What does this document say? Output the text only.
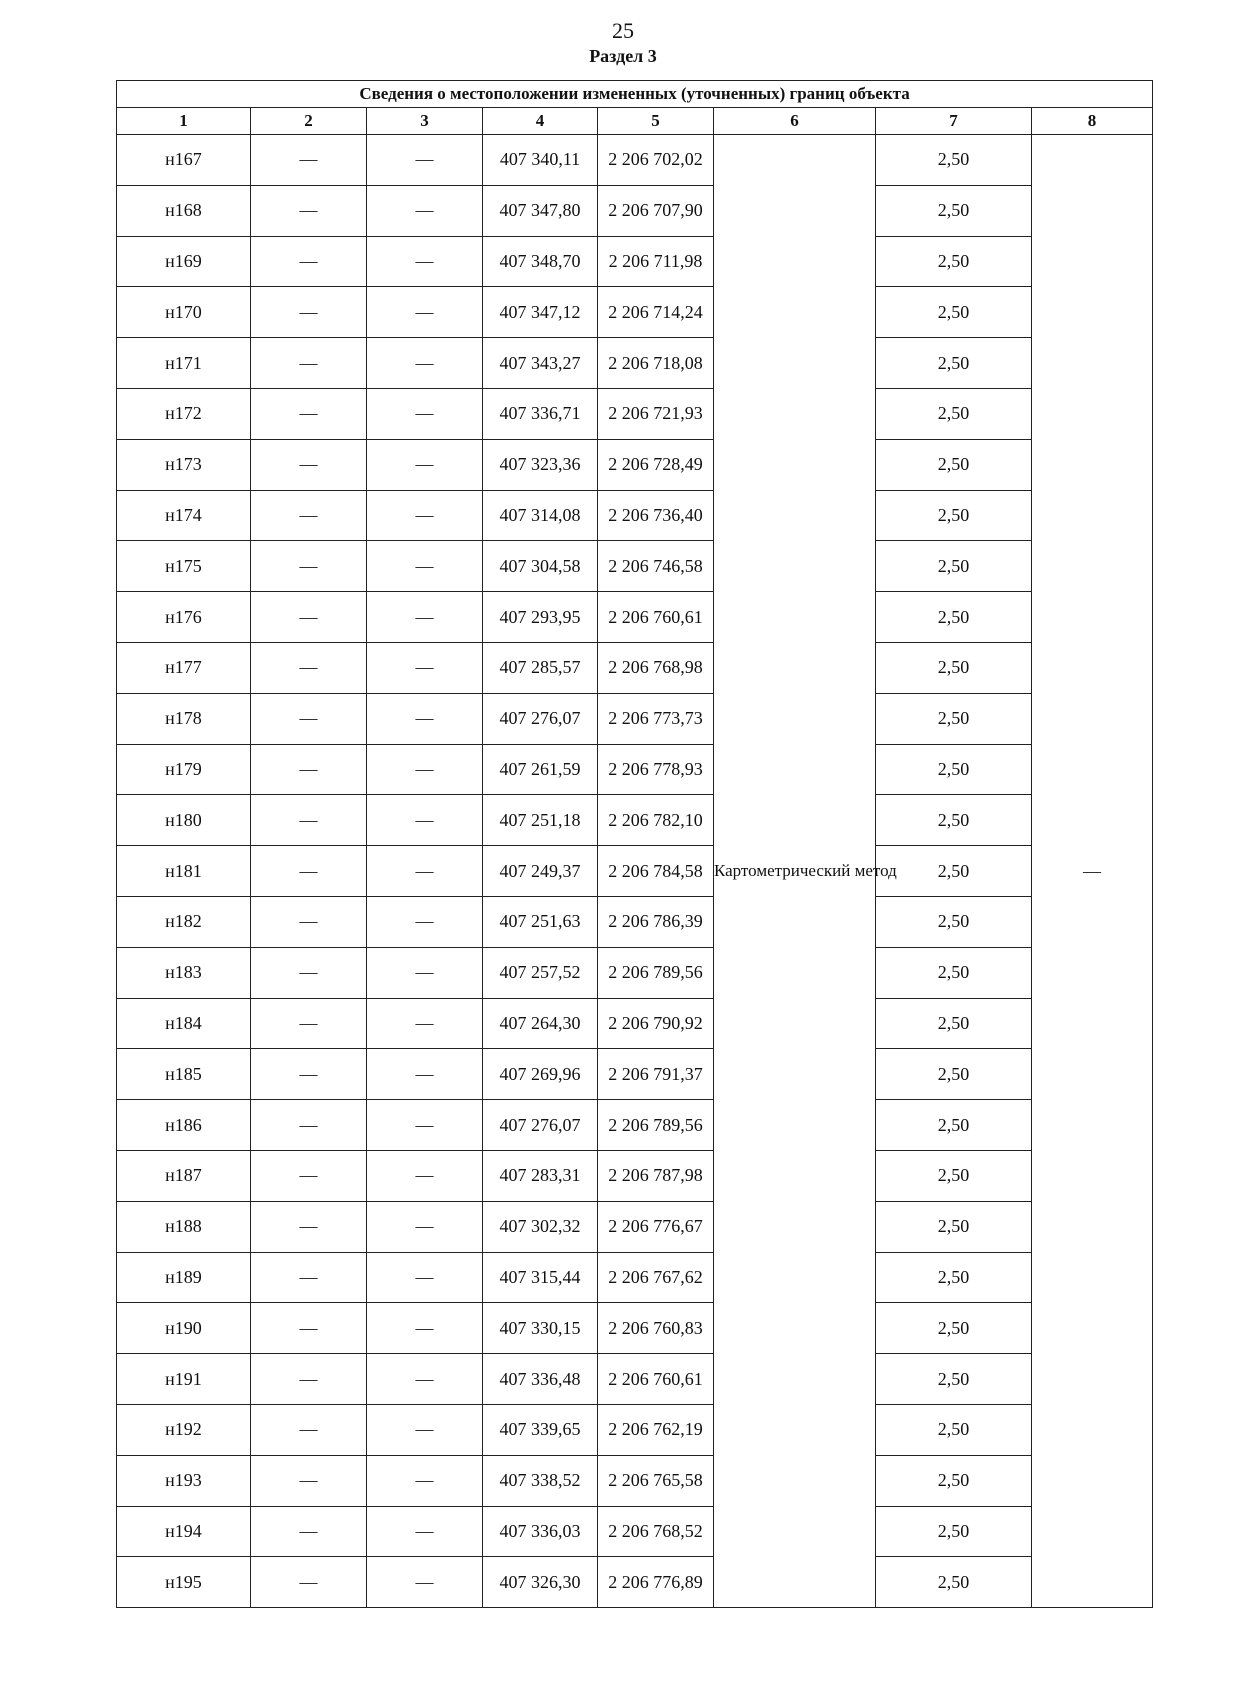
25
Раздел 3
Сведения о местоположении измененных (уточненных) границ объекта							
1	2	3	4	5	6	7	8
н167	—	—	407 340,11	2 206 702,02	Картометрический метод	2,50	—
н168	—	—	407 347,80	2 206 707,90		2,50	
н169	—	—	407 348,70	2 206 711,98		2,50	
н170	—	—	407 347,12	2 206 714,24		2,50	
н171	—	—	407 343,27	2 206 718,08		2,50	
н172	—	—	407 336,71	2 206 721,93		2,50	
н173	—	—	407 323,36	2 206 728,49		2,50	
н174	—	—	407 314,08	2 206 736,40		2,50	
н175	—	—	407 304,58	2 206 746,58		2,50	
н176	—	—	407 293,95	2 206 760,61		2,50	
н177	—	—	407 285,57	2 206 768,98		2,50	
н178	—	—	407 276,07	2 206 773,73		2,50	
н179	—	—	407 261,59	2 206 778,93		2,50	
н180	—	—	407 251,18	2 206 782,10		2,50	
н181	—	—	407 249,37	2 206 784,58		2,50	
н182	—	—	407 251,63	2 206 786,39		2,50	
н183	—	—	407 257,52	2 206 789,56		2,50	
н184	—	—	407 264,30	2 206 790,92		2,50	
н185	—	—	407 269,96	2 206 791,37		2,50	
н186	—	—	407 276,07	2 206 789,56		2,50	
н187	—	—	407 283,31	2 206 787,98		2,50	
н188	—	—	407 302,32	2 206 776,67		2,50	
н189	—	—	407 315,44	2 206 767,62		2,50	
н190	—	—	407 330,15	2 206 760,83		2,50	
н191	—	—	407 336,48	2 206 760,61		2,50	
н192	—	—	407 339,65	2 206 762,19		2,50	
н193	—	—	407 338,52	2 206 765,58		2,50	
н194	—	—	407 336,03	2 206 768,52		2,50	
н195	—	—	407 326,30	2 206 776,89		2,50	
